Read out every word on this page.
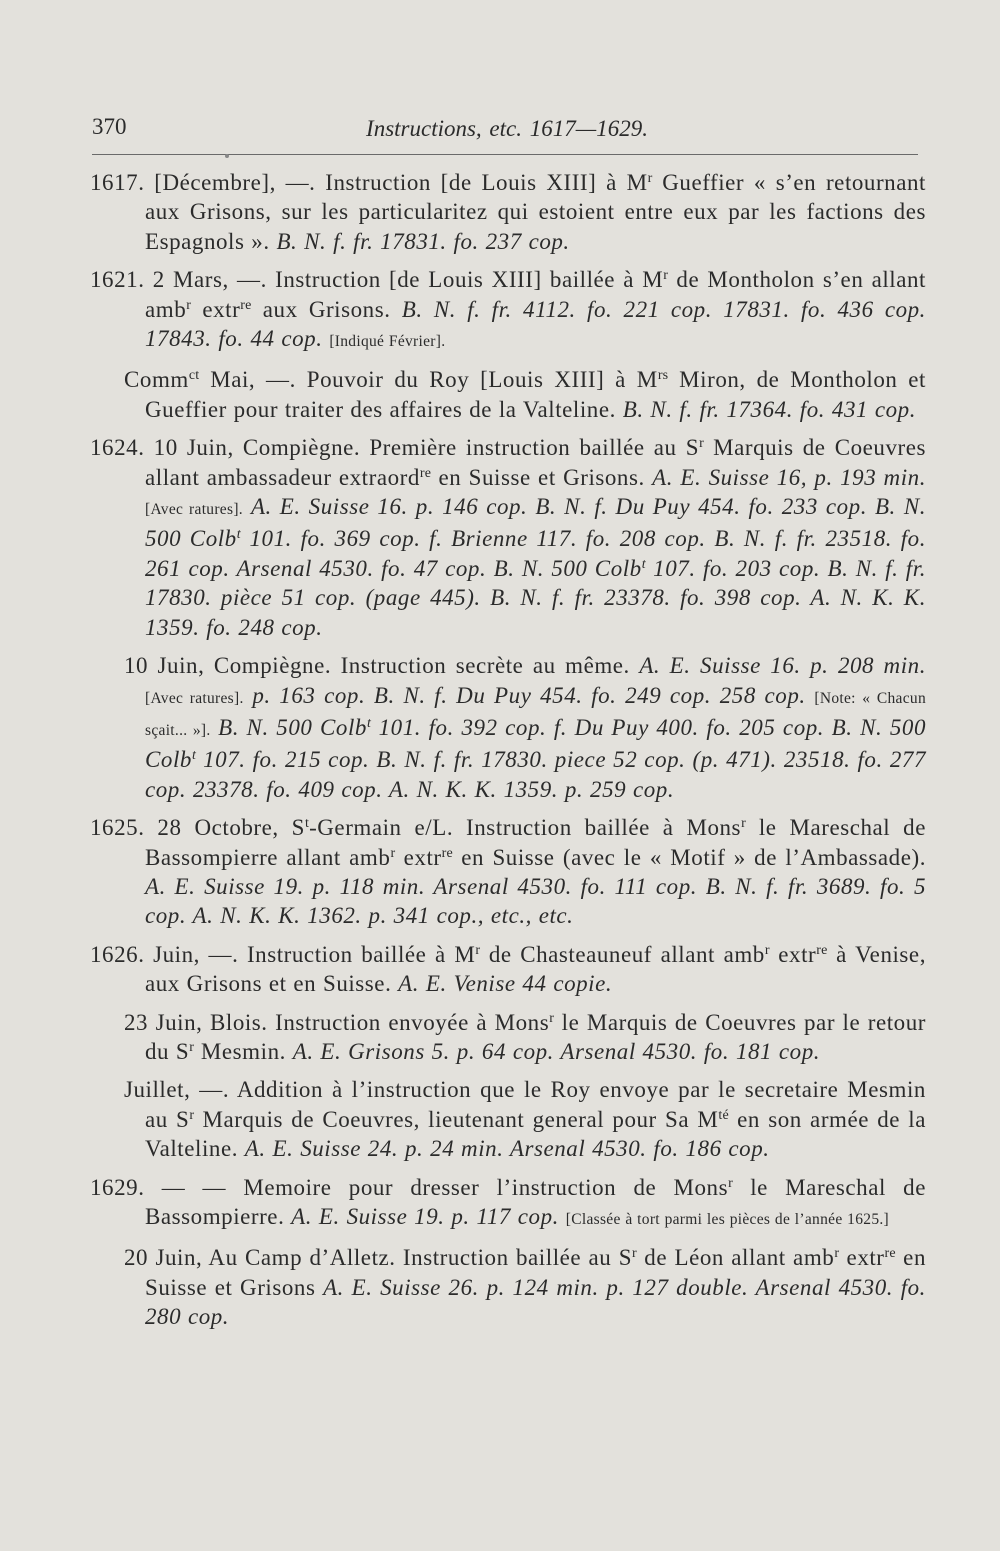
370	Instructions, etc. 1617—1629.

1617. [Décembre], —. Instruction [de Louis XIII] à $M^r$ Gueffier « s’en retournant aux Grisons, sur les particularitez qui estoient entre eux par les factions des Espagnols ». B. N. f. fr. 17831. fo. 237 cop.

1621. 2 Mars, —. Instruction [de Louis XIII] baillée à $M^r$ de Montholon s’en allant amb$^r$ extr$^{re}$ aux Grisons. B. N. f. fr. 4112. fo. 221 cop. 17831. fo. 436 cop. 17843. fo. 44 cop. [Indiqué Février].

Comm$^{ct}$ Mai, —. Pouvoir du Roy [Louis XIII] à $M^{rs}$ Miron, de Montholon et Gueffier pour traiter des affaires de la Valteline. B. N. f. fr. 17364. fo. 431 cop.

1624. 10 Juin, Compiègne. Première instruction baillée au $S^r$ Marquis de Coeuvres allant ambassadeur extraord$^{re}$ en Suisse et Grisons. A. E. Suisse 16, p. 193 min. [Avec ratures]. A. E. Suisse 16. p. 146 cop. B. N. f. Du Puy 454. fo. 233 cop. B. N. 500 Colb$^t$ 101. fo. 369 cop. f. Brienne 117. fo. 208 cop. B. N. f. fr. 23518. fo. 261 cop. Arsenal 4530. fo. 47 cop. B. N. 500 Colb$^t$ 107. fo. 203 cop. B. N. f. fr. 17830. pièce 51 cop. (page 445). B. N. f. fr. 23378. fo. 398 cop. A. N. K. K. 1359. fo. 248 cop.

10 Juin, Compiègne. Instruction secrète au même. A. E. Suisse 16. p. 208 min. [Avec ratures]. p. 163 cop. B. N. f. Du Puy 454. fo. 249 cop. 258 cop. [Note: « Chacun sçait... »]. B. N. 500 Colb$^t$ 101. fo. 392 cop. f. Du Puy 400. fo. 205 cop. B. N. 500 Colb$^t$ 107. fo. 215 cop. B. N. f. fr. 17830. piece 52 cop. (p. 471). 23518. fo. 277 cop. 23378. fo. 409 cop. A. N. K. K. 1359. p. 259 cop.

1625. 28 Octobre, $S^t$-Germain e/L. Instruction baillée à Mons$^r$ le Mareschal de Bassompierre allant amb$^r$ extr$^{re}$ en Suisse (avec le « Motif » de l’Ambassade). A. E. Suisse 19. p. 118 min. Arsenal 4530. fo. 111 cop. B. N. f. fr. 3689. fo. 5 cop. A. N. K. K. 1362. p. 341 cop., etc., etc.

1626. Juin, —. Instruction baillée à $M^r$ de Chasteauneuf allant amb$^r$ extr$^{re}$ à Venise, aux Grisons et en Suisse. A. E. Venise 44 copie.

23 Juin, Blois. Instruction envoyée à Mons$^r$ le Marquis de Coeuvres par le retour du $S^r$ Mesmin. A. E. Grisons 5. p. 64 cop. Arsenal 4530. fo. 181 cop.

Juillet, —. Addition à l’instruction que le Roy envoye par le secretaire Mesmin au $S^r$ Marquis de Coeuvres, lieutenant general pour Sa $M^{té}$ en son armée de la Valteline. A. E. Suisse 24. p. 24 min. Arsenal 4530. fo. 186 cop.

1629. — — Memoire pour dresser l’instruction de Mons$^r$ le Mareschal de Bassompierre. A. E. Suisse 19. p. 117 cop. [Classée à tort parmi les pièces de l’année 1625.]

20 Juin, Au Camp d’Alletz. Instruction baillée au $S^r$ de Léon allant amb$^r$ extr$^{re}$ en Suisse et Grisons A. E. Suisse 26. p. 124 min. p. 127 double. Arsenal 4530. fo. 280 cop.
